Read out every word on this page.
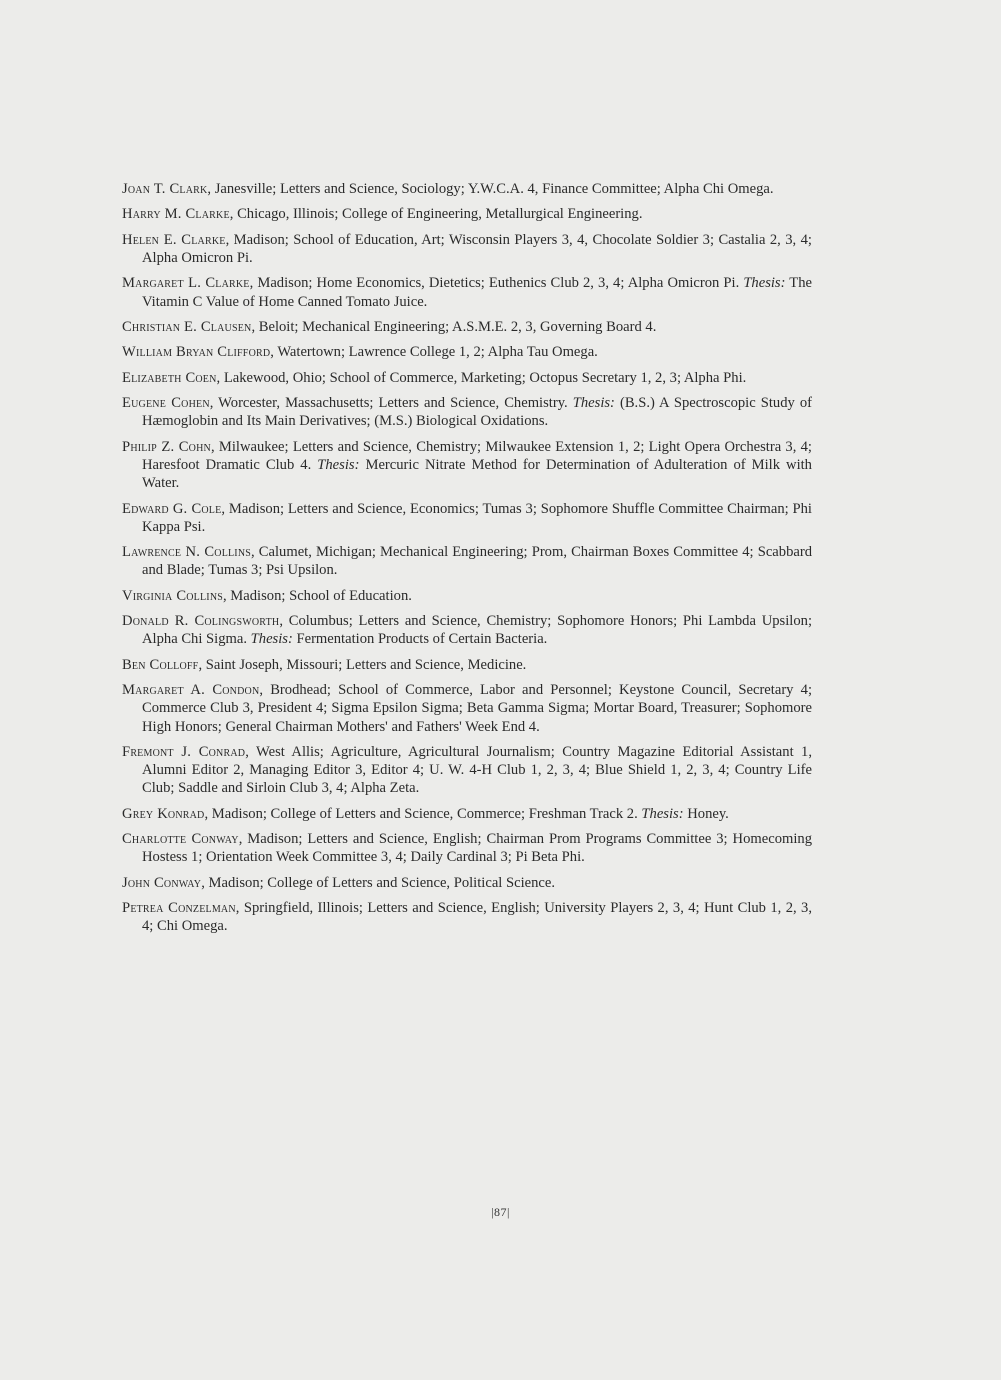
Joan T. Clark, Janesville; Letters and Science, Sociology; Y.W.C.A. 4, Finance Committee; Alpha Chi Omega.

Harry M. Clarke, Chicago, Illinois; College of Engineering, Metallurgical Engineering.

Helen E. Clarke, Madison; School of Education, Art; Wisconsin Players 3, 4, Chocolate Soldier 3; Castalia 2, 3, 4; Alpha Omicron Pi.

Margaret L. Clarke, Madison; Home Economics, Dietetics; Euthenics Club 2, 3, 4; Alpha Omicron Pi. Thesis: The Vitamin C Value of Home Canned Tomato Juice.

Christian E. Clausen, Beloit; Mechanical Engineering; A.S.M.E. 2, 3, Governing Board 4.

William Bryan Clifford, Watertown; Lawrence College 1, 2; Alpha Tau Omega.

Elizabeth Coen, Lakewood, Ohio; School of Commerce, Marketing; Octopus Secretary 1, 2, 3; Alpha Phi.

Eugene Cohen, Worcester, Massachusetts; Letters and Science, Chemistry. Thesis: (B.S.) A Spectroscopic Study of Hæmoglobin and Its Main Derivatives; (M.S.) Biological Oxidations.

Philip Z. Cohn, Milwaukee; Letters and Science, Chemistry; Milwaukee Extension 1, 2; Light Opera Orchestra 3, 4; Haresfoot Dramatic Club 4. Thesis: Mercuric Nitrate Method for Determination of Adulteration of Milk with Water.

Edward G. Cole, Madison; Letters and Science, Economics; Tumas 3; Sophomore Shuffle Committee Chairman; Phi Kappa Psi.

Lawrence N. Collins, Calumet, Michigan; Mechanical Engineering; Prom, Chairman Boxes Committee 4; Scabbard and Blade; Tumas 3; Psi Upsilon.

Virginia Collins, Madison; School of Education.

Donald R. Colingsworth, Columbus; Letters and Science, Chemistry; Sophomore Honors; Phi Lambda Upsilon; Alpha Chi Sigma. Thesis: Fermentation Products of Certain Bacteria.

Ben Colloff, Saint Joseph, Missouri; Letters and Science, Medicine.

Margaret A. Condon, Brodhead; School of Commerce, Labor and Personnel; Keystone Council, Secretary 4; Commerce Club 3, President 4; Sigma Epsilon Sigma; Beta Gamma Sigma; Mortar Board, Treasurer; Sophomore High Honors; General Chairman Mothers' and Fathers' Week End 4.

Fremont J. Conrad, West Allis; Agriculture, Agricultural Journalism; Country Magazine Editorial Assistant 1, Alumni Editor 2, Managing Editor 3, Editor 4; U. W. 4-H Club 1, 2, 3, 4; Blue Shield 1, 2, 3, 4; Country Life Club; Saddle and Sirloin Club 3, 4; Alpha Zeta.

Grey Konrad, Madison; College of Letters and Science, Commerce; Freshman Track 2. Thesis: Honey.

Charlotte Conway, Madison; Letters and Science, English; Chairman Prom Programs Committee 3; Homecoming Hostess 1; Orientation Week Committee 3, 4; Daily Cardinal 3; Pi Beta Phi.

John Conway, Madison; College of Letters and Science, Political Science.

Petrea Conzelman, Springfield, Illinois; Letters and Science, English; University Players 2, 3, 4; Hunt Club 1, 2, 3, 4; Chi Omega.

|87|
